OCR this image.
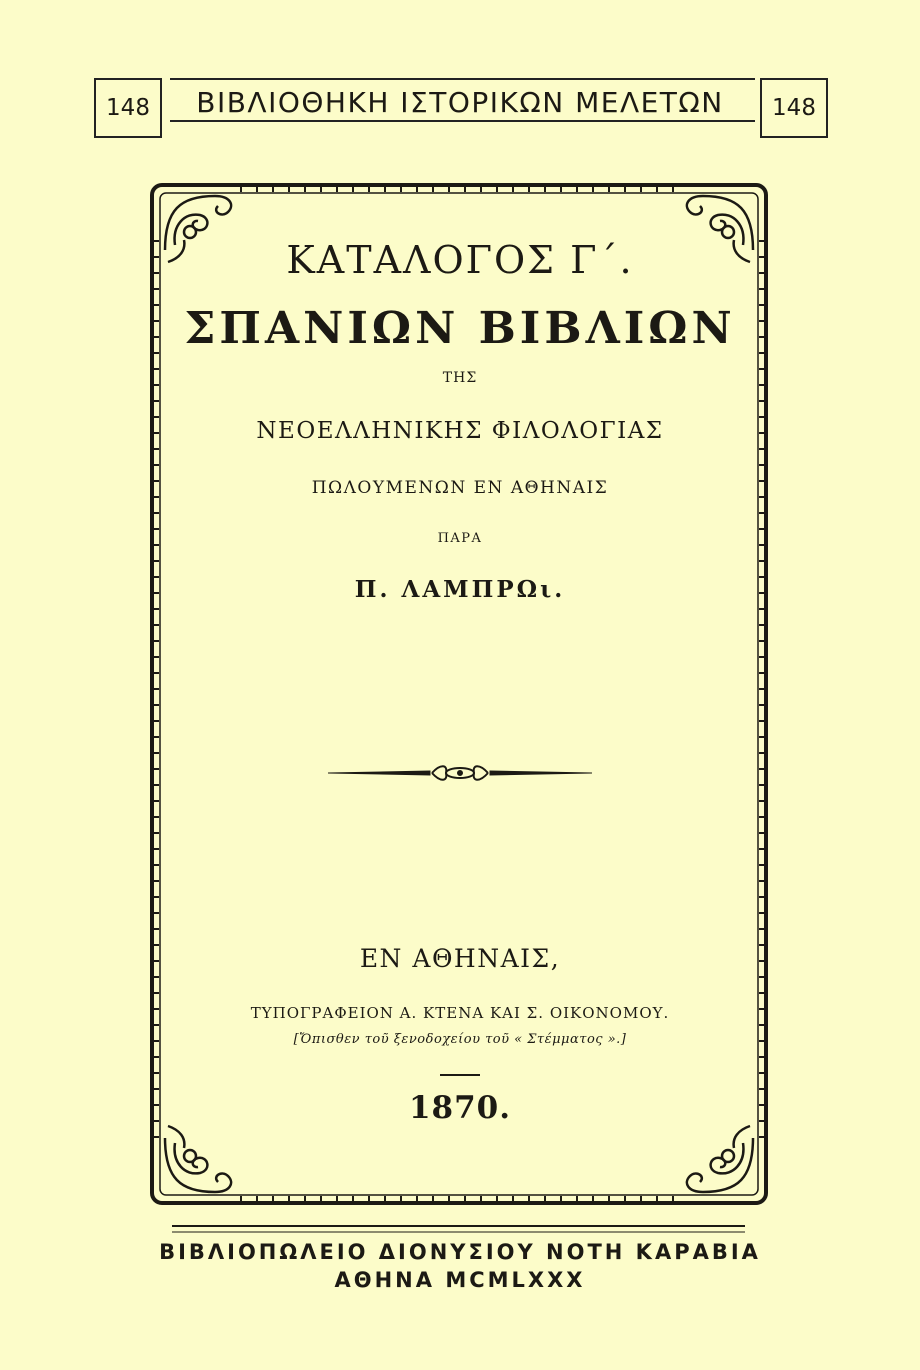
148	ΒΙΒΛΙΟΘΗΚΗ ΙΣΤΟΡΙΚΩΝ ΜΕΛΕΤΩΝ	148
ΚΑΤΑΛΟΓΟΣ Γ΄.
ΣΠΑΝΙΩΝ ΒΙΒΛΙΩΝ
ΤΗΣ
ΝΕΟΕΛΛΗΝΙΚΗΣ ΦΙΛΟΛΟΓΙΑΣ
ΠΩΛΟΥΜΕΝΩΝ ΕΝ ΑΘΗΝΑΙΣ
ΠΑΡΑ
Π. ΛΑΜΠΡΩι.
ΕΝ ΑΘΗΝΑΙΣ,
ΤΥΠΟΓΡΑΦΕΙΟΝ Α. ΚΤΕΝΑ ΚΑΙ Σ. ΟΙΚΟΝΟΜΟΥ.
[Ὄπισθεν τοῦ ξενοδοχείου τοῦ « Στέμματος ».]
1870.
ΒΙΒΛΙΟΠΩΛΕΙΟ ΔΙΟΝΥΣΙΟΥ ΝΟΤΗ ΚΑΡΑΒΙΑ
ΑΘΗΝΑ ΜCMLXXX
